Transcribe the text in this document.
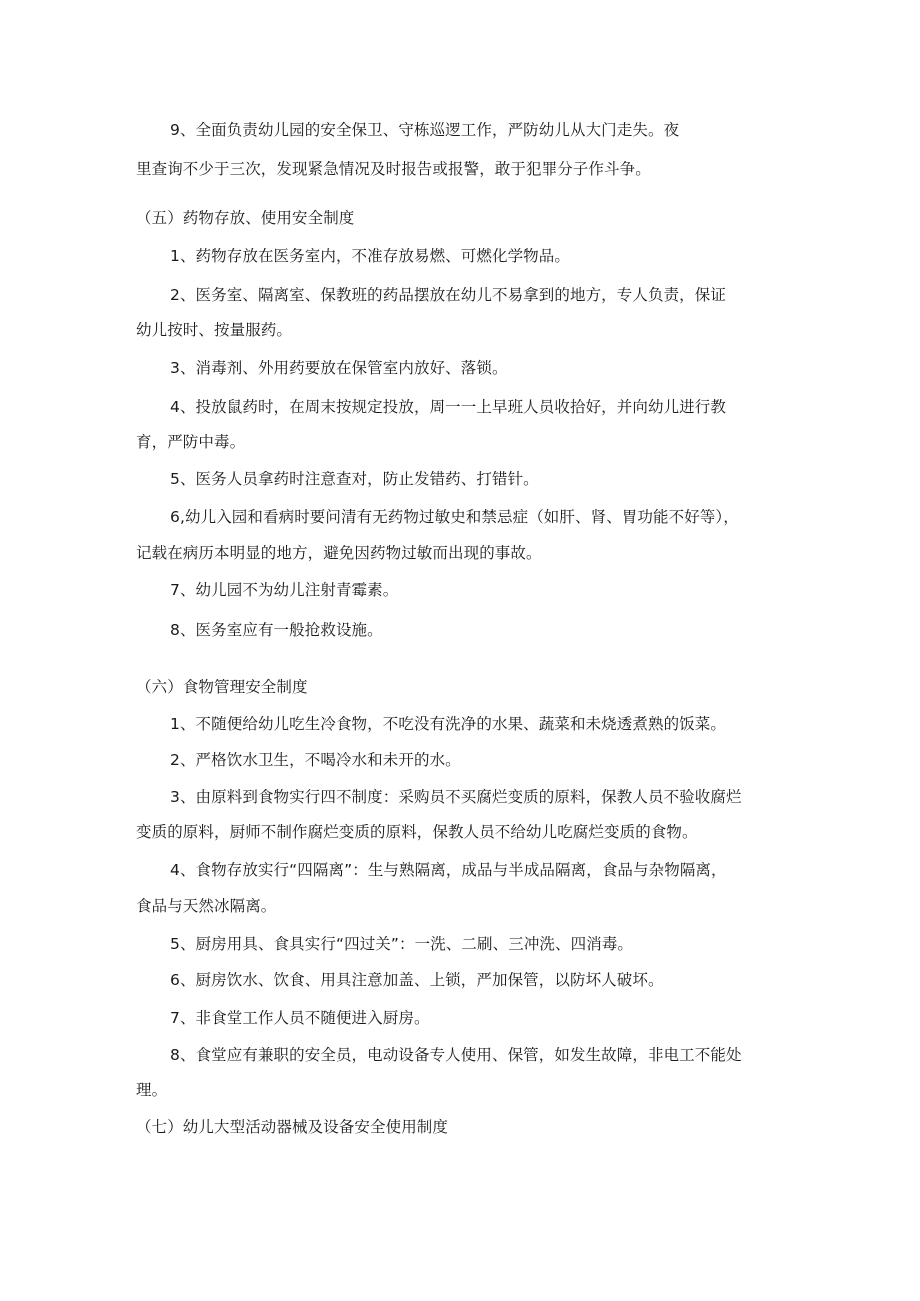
9、全面负责幼儿园的安全保卫、守栋巡逻工作，严防幼儿从大门走失。夜
里查询不少于三次，发现紧急情况及时报告或报警，敢于犯罪分子作斗争。
（五）药物存放、使用安全制度
1、药物存放在医务室内，不准存放易燃、可燃化学物品。
2、医务室、隔离室、保教班的药品摆放在幼儿不易拿到的地方，专人负责，保证
幼儿按时、按量服药。
3、消毒剂、外用药要放在保管室内放好、落锁。
4、投放鼠药时，在周末按规定投放，周一一上早班人员收拾好，并向幼儿进行教
育，严防中毒。
5、医务人员拿药时注意查对，防止发错药、打错针。
6,幼儿入园和看病时要问清有无药物过敏史和禁忌症（如肝、肾、胃功能不好等），
记载在病历本明显的地方，避免因药物过敏而出现的事故。
7、幼儿园不为幼儿注射青霉素。
8、医务室应有一般抢救设施。
（六）食物管理安全制度
1、不随便给幼儿吃生冷食物，不吃没有洗净的水果、蔬菜和未烧透煮熟的饭菜。
2、严格饮水卫生，不喝冷水和未开的水。
3、由原料到食物实行四不制度：采购员不买腐烂变质的原料，保教人员不验收腐烂
变质的原料，厨师不制作腐烂变质的原料，保教人员不给幼儿吃腐烂变质的食物。
4、食物存放实行“四隔离”：生与熟隔离，成品与半成品隔离，食品与杂物隔离，
食品与天然冰隔离。
5、厨房用具、食具实行“四过关”：一洗、二刷、三冲洗、四消毒。
6、厨房饮水、饮食、用具注意加盖、上锁，严加保管，以防坏人破坏。
7、非食堂工作人员不随便进入厨房。
8、食堂应有兼职的安全员，电动设备专人使用、保管，如发生故障，非电工不能处
理。
（七）幼儿大型活动器械及设备安全使用制度
